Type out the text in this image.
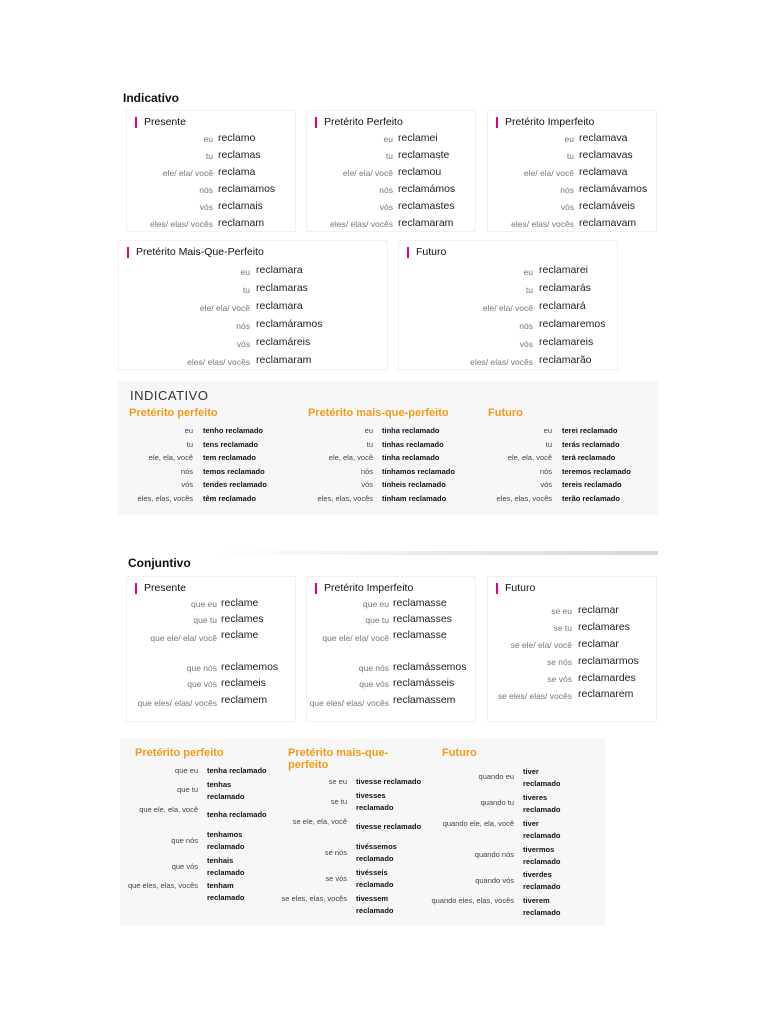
Indicativo
Presente
eu reclamo
tu reclamas
ele/ ela/ você reclama
nós reclamamos
vós reclamais
eles/ elas/ vocês reclamam
Pretérito Perfeito
eu reclamei
tu reclamaste
ele/ ela/ você reclamou
nós reclamámos
vós reclamastes
eles/ elas/ vocês reclamaram
Pretérito Imperfeito
eu reclamava
tu reclamavas
ele/ ela/ você reclamava
nós reclamávamos
vós reclamáveis
eles/ elas/ vocês reclamavam
Pretérito Mais-Que-Perfeito
eu reclamara
tu reclamaras
ele/ ela/ você reclamara
nós reclamáramos
vós reclamáreis
eles/ elas/ vocês reclamaram
Futuro
eu reclamarei
tu reclamarás
ele/ ela/ você reclamará
nós reclamaremos
vós reclamareis
eles/ elas/ vocês reclamarão
INDICATIVO
Pretérito perfeito
eu tenho reclamado
tu tens reclamado
ele, ela, você tem reclamado
nós temos reclamado
vós tendes reclamado
eles, elas, vocês têm reclamado
Pretérito mais-que-perfeito
eu tinha reclamado
tu tinhas reclamado
ele, ela, você tinha reclamado
nós tínhamos reclamado
vós tínheis reclamado
eles, elas, vocês tinham reclamado
Futuro
eu terei reclamado
tu terás reclamado
ele, ela, você terá reclamado
nós teremos reclamado
vós tereis reclamado
eles, elas, vocês terão reclamado
Conjuntivo
Presente
que eu reclame
que tu reclames
que ele/ ela/ você reclame
que nós reclamemos
que vós reclameis
que eles/ elas/ vocês reclamem
Pretérito Imperfeito
que eu reclamasse
que tu reclamasses
que ele/ ela/ você reclamasse
que nós reclamássemos
que vós reclamásseis
que eles/ elas/ vocês reclamassem
Futuro
se eu reclamar
se tu reclamares
se ele/ ela/ você reclamar
se nós reclamarmos
se vós reclamardes
se eles/ elas/ vocês reclamarem
Pretérito perfeito
que eu tenha reclamado
que tu
tenhas reclamado
que ele, ela, você
tenha reclamado
que nós
tenhamos reclamado
que vós
tenhais reclamado
que eles, elas, vocês tenham reclamado
Pretérito mais-que-perfeito
se eu tivesse reclamado
se tu
tivesses reclamado
se ele, ela, você
tivesse reclamado
se nós
tivéssemos reclamado
se vós
tivésseis reclamado
se eles, elas, vocês tivessem reclamado
Futuro
quando eu
tiver reclamado
quando tu
tiveres reclamado
quando ele, ela, você tiver reclamado
quando nós
tivermos reclamado
quando vós
tiverdes reclamado
quando eles, elas, vocês tiverem reclamado
